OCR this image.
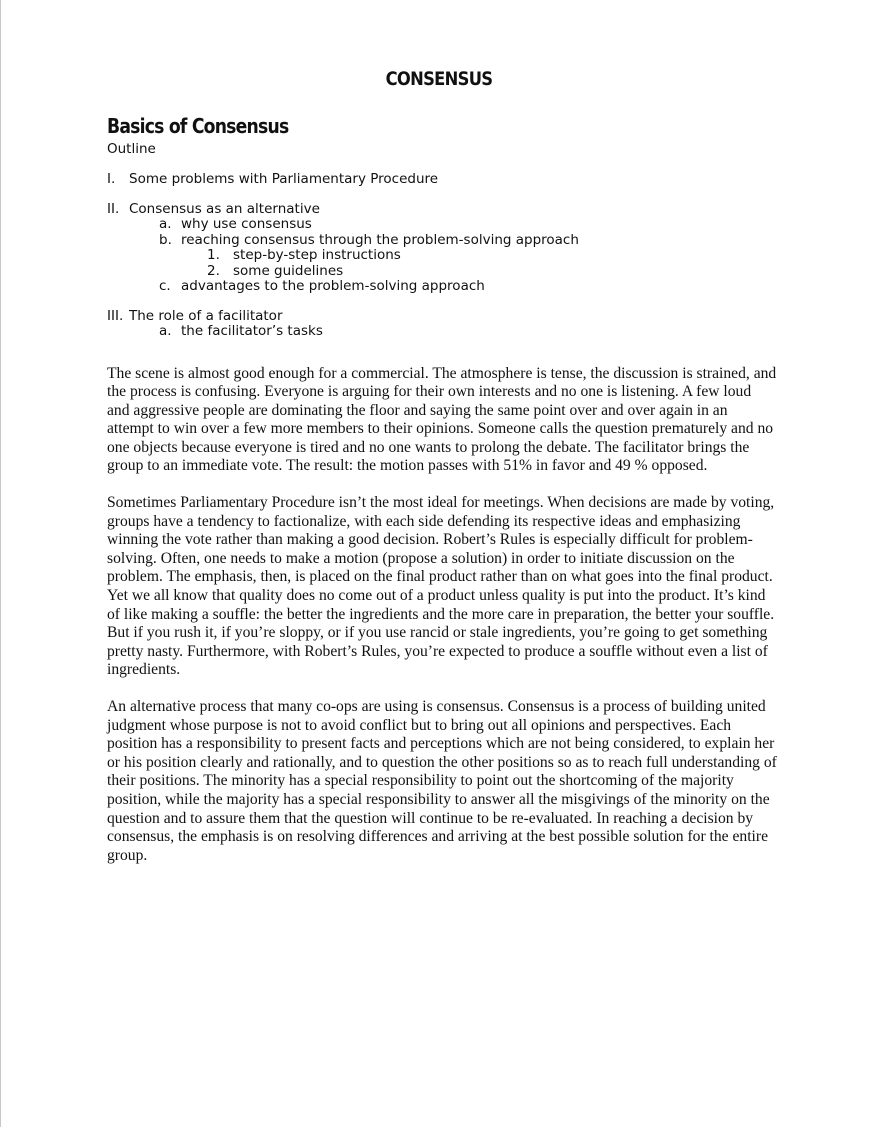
CONSENSUS
Basics of Consensus

Outline

I.	Some problems with Parliamentary Procedure
II. Consensus as an alternative
a. why use consensus
b. reaching consensus through the problem-solving approach
1. step-by-step instructions
2. some guidelines
c. advantages to the problem-solving approach
III. The role of a facilitator
a. the facilitator’s tasks

The scene is almost good enough for a commercial. The atmosphere is tense, the discussion is strained, and the process is confusing. Everyone is arguing for their own interests and no one is listening. A few loud and aggressive people are dominating the floor and saying the same point over and over again in an attempt to win over a few more members to their opinions. Someone calls the question prematurely and no one objects because everyone is tired and no one wants to prolong the debate. The facilitator brings the group to an immediate vote. The result: the motion passes with 51% in favor and 49 % opposed.

Sometimes Parliamentary Procedure isn’t the most ideal for meetings. When decisions are made by voting, groups have a tendency to factionalize, with each side defending its respective ideas and emphasizing winning the vote rather than making a good decision. Robert’s Rules is especially difficult for problem-solving. Often, one needs to make a motion (propose a solution) in order to initiate discussion on the problem. The emphasis, then, is placed on the final product rather than on what goes into the final product. Yet we all know that quality does no come out of a product unless quality is put into the product. It’s kind of like making a souffle: the better the ingredients and the more care in preparation, the better your souffle. But if you rush it, if you’re sloppy, or if you use rancid or stale ingredients, you’re going to get something pretty nasty. Furthermore, with Robert’s Rules, you’re expected to produce a souffle without even a list of ingredients.

An alternative process that many co-ops are using is consensus. Consensus is a process of building united judgment whose purpose is not to avoid conflict but to bring out all opinions and perspectives. Each position has a responsibility to present facts and perceptions which are not being considered, to explain her or his position clearly and rationally, and to question the other positions so as to reach full understanding of their positions. The minority has a special responsibility to point out the shortcoming of the majority position, while the majority has a special responsibility to answer all the misgivings of the minority on the question and to assure them that the question will continue to be re-evaluated. In reaching a decision by consensus, the emphasis is on resolving differences and arriving at the best possible solution for the entire group.
